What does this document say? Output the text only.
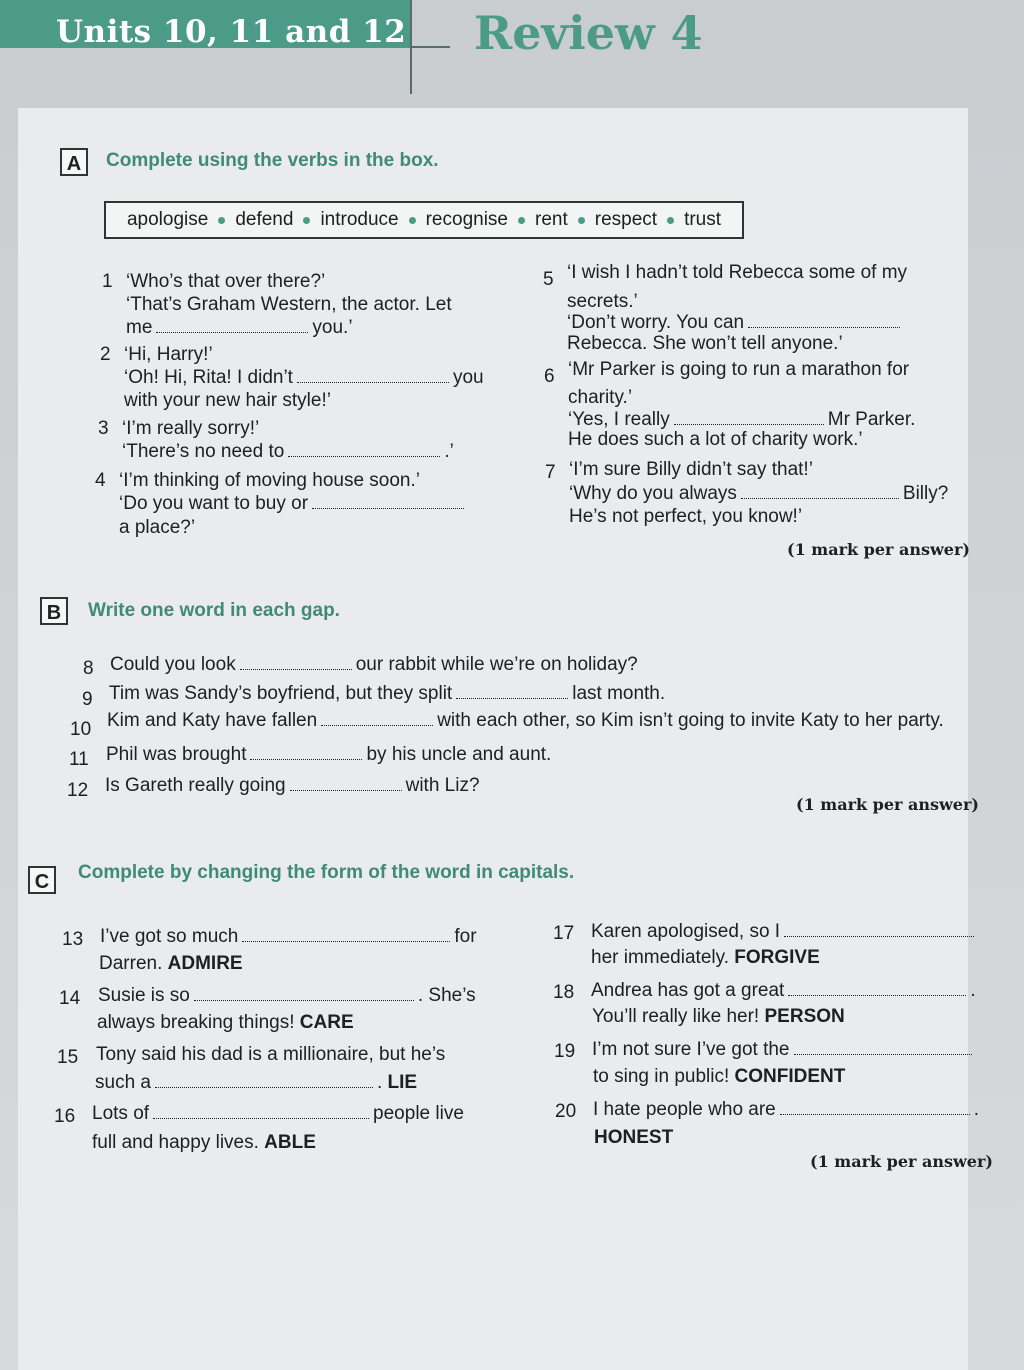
Units 10, 11 and 12 Review 4
A	Complete using the verbs in the box.
apologise defend introduce recognise rent respect trust
1 ‘Who’s that over there?’
‘That’s Graham Western, the actor. Let
me	you.’
2 ‘Hi, Harry!’
‘Oh! Hi, Rita! I didn’t	you
with your new hair style!’
3 ‘I’m really sorry!’
‘There’s no need to	.’
4 ‘I’m thinking of moving house soon.’
‘Do you want to buy or
a place?’
5 ‘I wish I hadn’t told Rebecca some of my
secrets.’
‘Don’t worry. You can
Rebecca. She won’t tell anyone.’
6 ‘Mr Parker is going to run a marathon for
charity.’
‘Yes, I really	Mr Parker.
He does such a lot of charity work.’
7 ‘I’m sure Billy didn’t say that!’
‘Why do you always	Billy?
He’s not perfect, you know!’
(1 mark per answer)
B	Write one word in each gap.
8 Could you look	our rabbit while we’re on holiday?
9 Tim was Sandy’s boyfriend, but they split	last month.
10 Kim and Katy have fallen	with each other, so Kim isn’t going to invite Katy to her party.
11 Phil was brought	by his uncle and aunt.
12 Is Gareth really going	with Liz?
(1 mark per answer)
C	Complete by changing the form of the word in capitals.
13 I’ve got so much	for
Darren. ADMIRE
14 Susie is so	. She’s
always breaking things! CARE
15 Tony said his dad is a millionaire, but he’s
such a	. LIE
16 Lots of	people live
full and happy lives. ABLE
17 Karen apologised, so I
her immediately. FORGIVE
18 Andrea has got a great	.
You’ll really like her! PERSON
19 I’m not sure I’ve got the
to sing in public! CONFIDENT
20 I hate people who are	.
HONEST
(1 mark per answer)
